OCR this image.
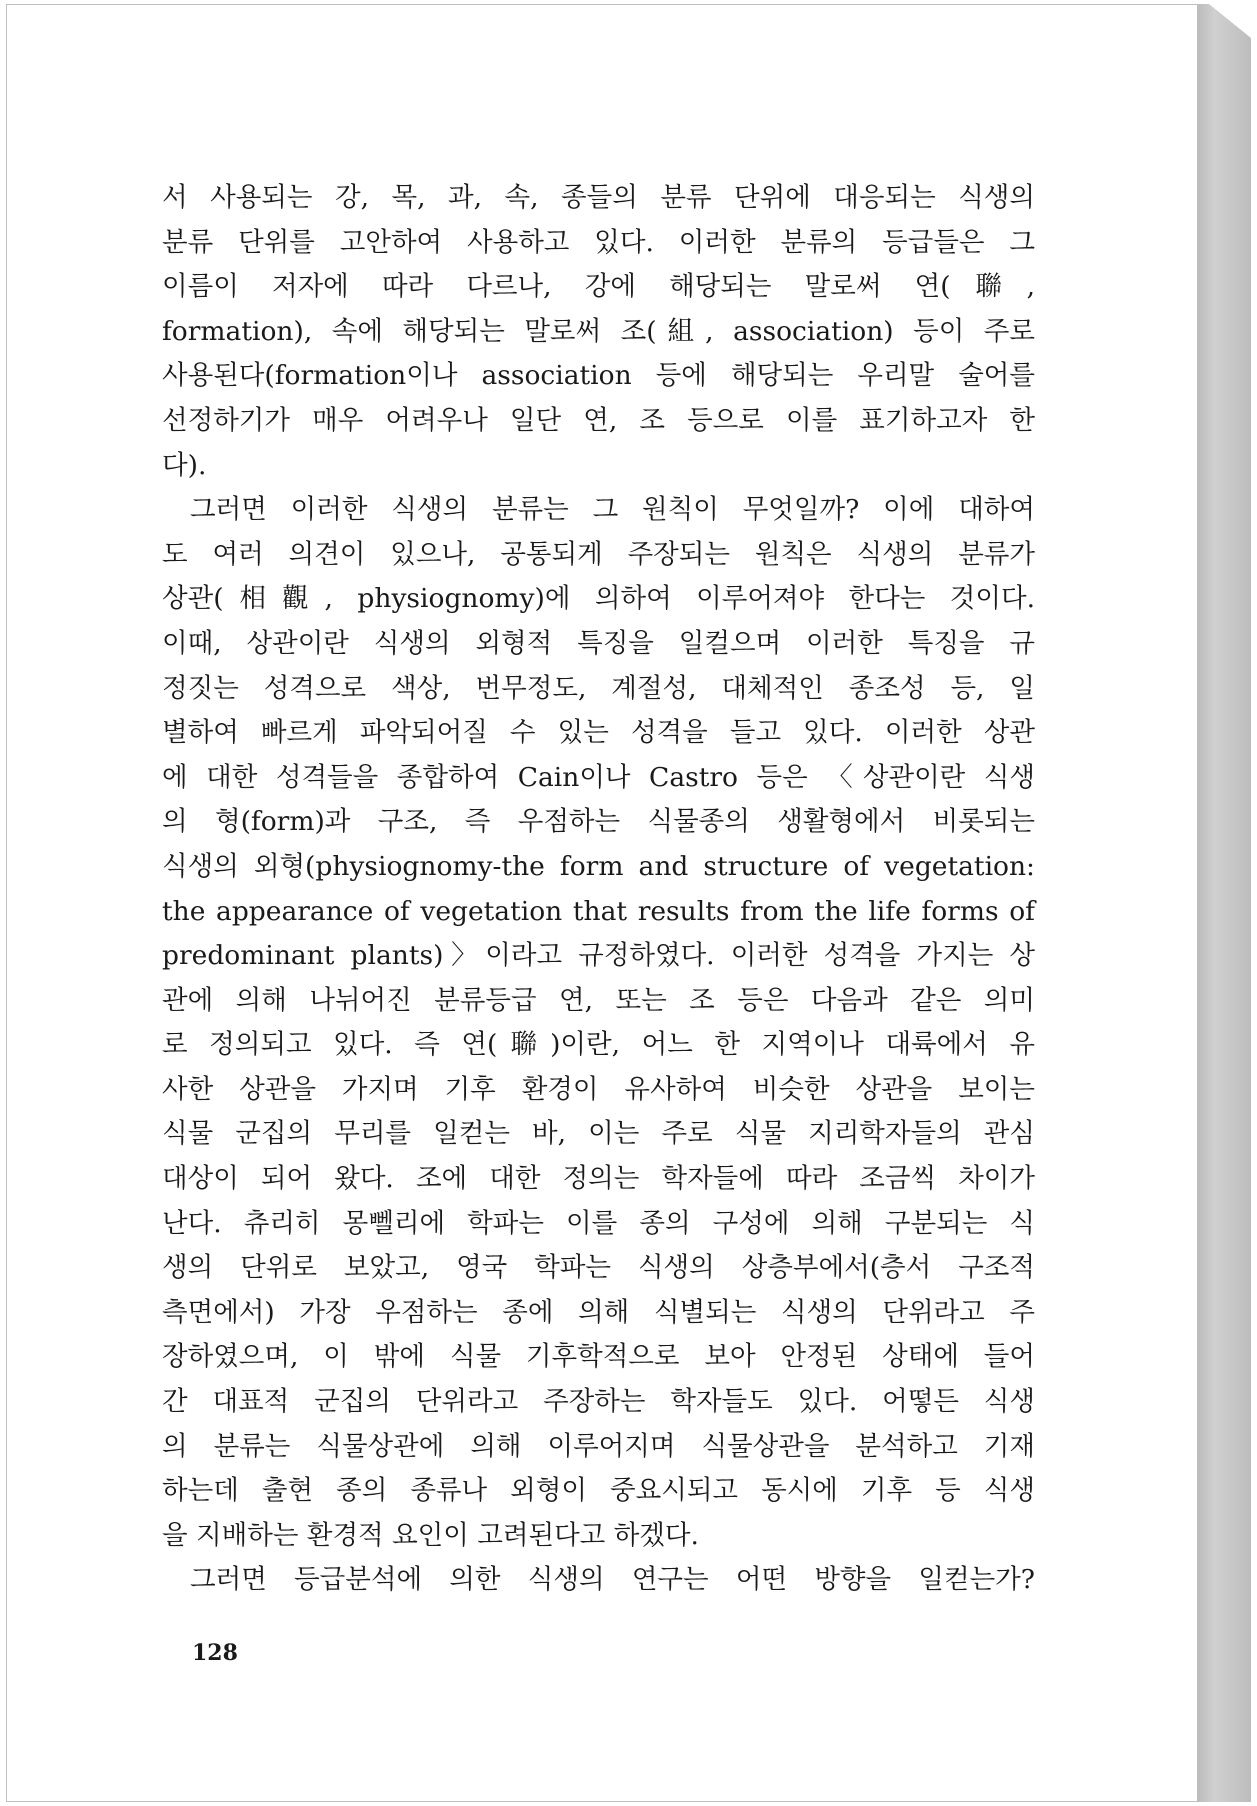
서 사용되는 강, 목, 과, 속, 종들의 분류 단위에 대응되는 식생의
분류 단위를 고안하여 사용하고 있다. 이러한 분류의 등급들은 그
이름이 저자에 따라 다르나, 강에 해당되는 말로써 연(聯,
formation), 속에 해당되는 말로써 조(組, association) 등이 주로
사용된다(formation이나 association 등에 해당되는 우리말 술어를
선정하기가 매우 어려우나 일단 연, 조 등으로 이를 표기하고자 한
다).
그러면 이러한 식생의 분류는 그 원칙이 무엇일까? 이에 대하여
도 여러 의견이 있으나, 공통되게 주장되는 원칙은 식생의 분류가
상관(相觀, physiognomy)에 의하여 이루어져야 한다는 것이다.
이때, 상관이란 식생의 외형적 특징을 일컬으며 이러한 특징을 규
정짓는 성격으로 색상, 번무정도, 계절성, 대체적인 종조성 등, 일
별하여 빠르게 파악되어질 수 있는 성격을 들고 있다. 이러한 상관
에 대한 성격들을 종합하여 Cain이나 Castro 등은 〈상관이란 식생
의 형(form)과 구조, 즉 우점하는 식물종의 생활형에서 비롯되는
식생의 외형(physiognomy-the form and structure of vegetation:
the appearance of vegetation that results from the life forms of
predominant plants)〉이라고 규정하였다. 이러한 성격을 가지는 상
관에 의해 나뉘어진 분류등급 연, 또는 조 등은 다음과 같은 의미
로 정의되고 있다. 즉 연(聯)이란, 어느 한 지역이나 대륙에서 유
사한 상관을 가지며 기후 환경이 유사하여 비슷한 상관을 보이는
식물 군집의 무리를 일컫는 바, 이는 주로 식물 지리학자들의 관심
대상이 되어 왔다. 조에 대한 정의는 학자들에 따라 조금씩 차이가
난다. 츄리히 몽뻴리에 학파는 이를 종의 구성에 의해 구분되는 식
생의 단위로 보았고, 영국 학파는 식생의 상층부에서(층서 구조적
측면에서) 가장 우점하는 종에 의해 식별되는 식생의 단위라고 주
장하였으며, 이 밖에 식물 기후학적으로 보아 안정된 상태에 들어
간 대표적 군집의 단위라고 주장하는 학자들도 있다. 어떻든 식생
의 분류는 식물상관에 의해 이루어지며 식물상관을 분석하고 기재
하는데 출현 종의 종류나 외형이 중요시되고 동시에 기후 등 식생
을 지배하는 환경적 요인이 고려된다고 하겠다.
그러면 등급분석에 의한 식생의 연구는 어떤 방향을 일컫는가?
128
